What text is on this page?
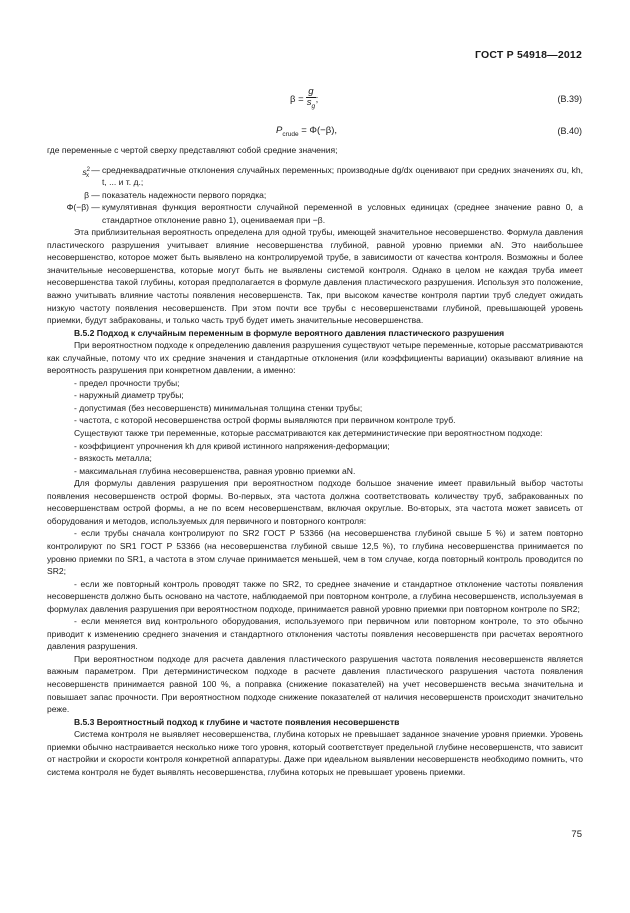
ГОСТ Р 54918—2012
$\beta = \frac{g}{s_g}$ ;	(В.39)
$P_{crude} = \Phi(-\beta)$,	(В.40)

где переменные с чертой сверху представляют собой средние значения;

$s^2_x$
— среднеквадратичные отклонения случайных переменных; производные dg/dx оценивают при средних значениях σu, kh, t, ... и т. д.;
β — показатель надежности первого порядка;
Φ(−β) — кумулятивная функция вероятности случайной переменной в условных единицах (среднее значение равно 0, а стандартное отклонение равно 1), оцениваемая при −β.

Эта приблизительная вероятность определена для одной трубы, имеющей значительное несовершенство. Формула давления пластического разрушения учитывает влияние несовершенства глубиной, равной уровню приемки aN. Это наибольшее несовершенство, которое может быть выявлено на контролируемой трубе, в зависимости от качества контроля. Возможны и более значительные несовершенства, которые могут быть не выявлены системой контроля. Однако в целом не каждая труба имеет несовершенства такой глубины, которая предполагается в формуле давления пластического разрушения. Используя это положение, важно учитывать влияние частоты появления несовершенств. Так, при высоком качестве контроля партии труб следует ожидать низкую частоту появления несовершенств. При этом почти все трубы с несовершенствами глубиной, превышающей уровень приемки, будут забракованы, и только часть труб будет иметь значительные несовершенства.

В.5.2 Подход к случайным переменным в формуле вероятного давления пластического разрушения

При вероятностном подходе к определению давления разрушения существуют четыре переменные, которые рассматриваются как случайные, потому что их средние значения и стандартные отклонения (или коэффициенты вариации) оказывают влияние на вероятность разрушения при конкретном давлении, а именно:

- предел прочности трубы;

- наружный диаметр трубы;

- допустимая (без несовершенств) минимальная толщина стенки трубы;

- частота, с которой несовершенства острой формы выявляются при первичном контроле труб.

Существуют также три переменные, которые рассматриваются как детерминистические при вероятностном подходе:

- коэффициент упрочнения kh для кривой истинного напряжения-деформации;

- вязкость металла;

- максимальная глубина несовершенства, равная уровню приемки aN.

Для формулы давления разрушения при вероятностном подходе большое значение имеет правильный выбор частоты появления несовершенств острой формы. Во-первых, эта частота должна соответствовать количеству труб, забракованных по несовершенствам острой формы, а не по всем несовершенствам, включая округлые. Во-вторых, эта частота может зависеть от оборудования и методов, используемых для первичного и повторного контроля:

- если трубы сначала контролируют по SR2 ГОСТ Р 53366 (на несовершенства глубиной свыше 5 %) и затем повторно контролируют по SR1 ГОСТ Р 53366 (на несовершенства глубиной свыше 12,5 %), то глубина несовершенства принимается по уровню приемки по SR1, а частота в этом случае принимается меньшей, чем в том случае, когда повторный контроль проводится по SR2;

- если же повторный контроль проводят также по SR2, то среднее значение и стандартное отклонение частоты появления несовершенств должно быть основано на частоте, наблюдаемой при повторном контроле, а глубина несовершенств, используемая в формулах давления разрушения при вероятностном подходе, принимается равной уровню приемки при повторном контроле по SR2;

- если меняется вид контрольного оборудования, используемого при первичном или повторном контроле, то это обычно приводит к изменению среднего значения и стандартного отклонения частоты появления несовершенств при расчетах вероятного давления разрушения.

При вероятностном подходе для расчета давления пластического разрушения частота появления несовершенств является важным параметром. При детерминистическом подходе в расчете давления пластического разрушения частота появления несовершенств принимается равной 100 %, а поправка (снижение показателей) на учет несовершенств весьма значительна и повышает запас прочности. При вероятностном подходе снижение показателей от наличия несовершенств происходит значительно реже.

В.5.3 Вероятностный подход к глубине и частоте появления несовершенств

Система контроля не выявляет несовершенства, глубина которых не превышает заданное значение уровня приемки. Уровень приемки обычно настраивается несколько ниже того уровня, который соответствует предельной глубине несовершенств, что зависит от настройки и скорости контроля конкретной аппаратуры. Даже при идеальном выявлении несовершенств необходимо помнить, что система контроля не будет выявлять несовершенства, глубина которых не превышает уровень приемки.

75
